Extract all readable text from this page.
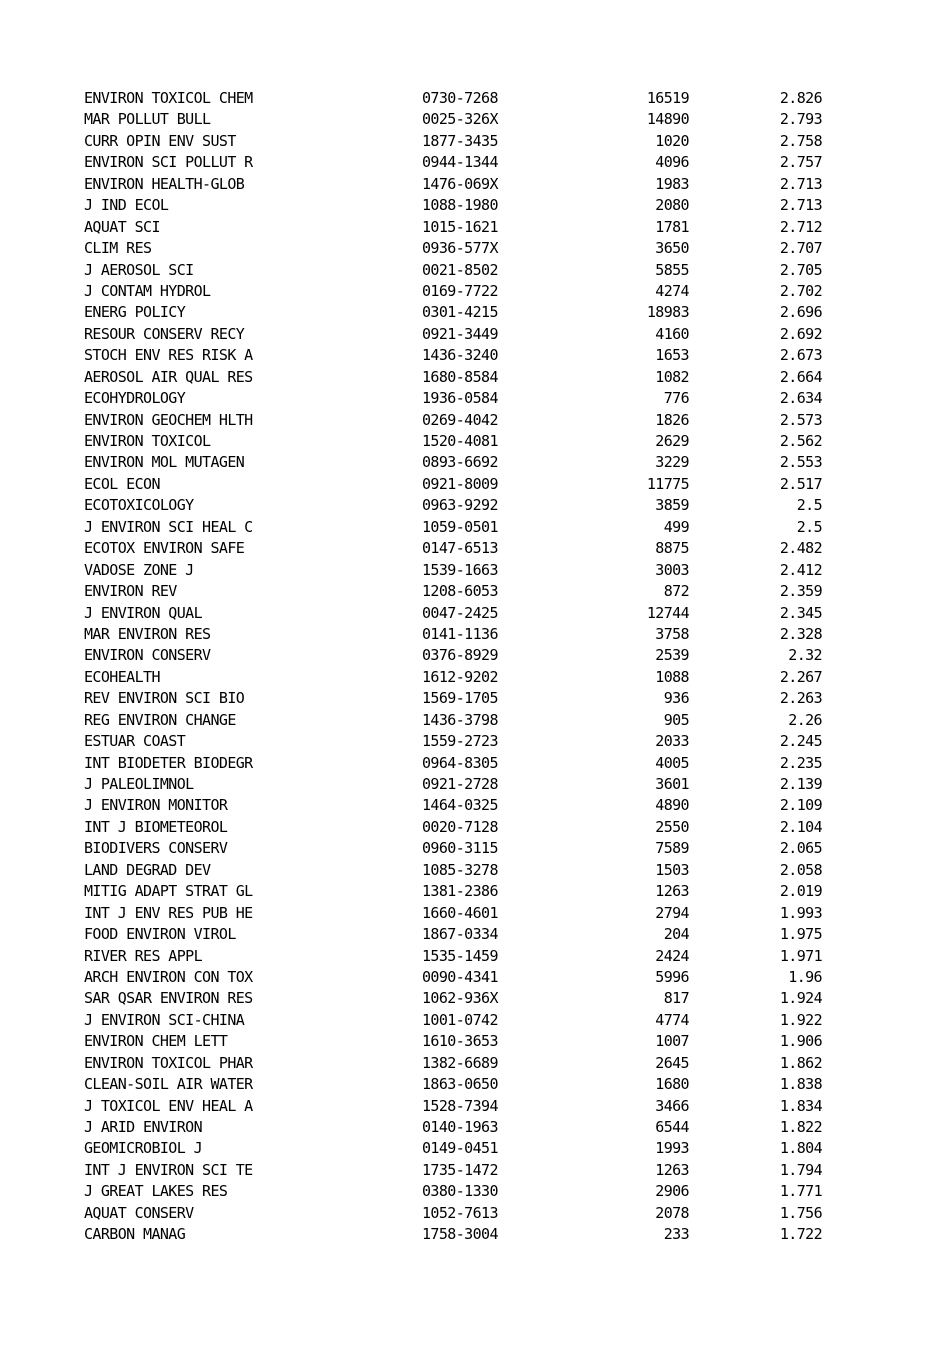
ENVIRON TOXICOL CHEM	0730-7268	16519	2.826
MAR POLLUT BULL	0025-326X	14890	2.793
CURR OPIN ENV SUST	1877-3435	1020	2.758
ENVIRON SCI POLLUT R	0944-1344	4096	2.757
ENVIRON HEALTH-GLOB	1476-069X	1983	2.713
J IND ECOL	1088-1980	2080	2.713
AQUAT SCI	1015-1621	1781	2.712
CLIM RES	0936-577X	3650	2.707
J AEROSOL SCI	0021-8502	5855	2.705
J CONTAM HYDROL	0169-7722	4274	2.702
ENERG POLICY	0301-4215	18983	2.696
RESOUR CONSERV RECY	0921-3449	4160	2.692
STOCH ENV RES RISK A	1436-3240	1653	2.673
AEROSOL AIR QUAL RES	1680-8584	1082	2.664
ECOHYDROLOGY	1936-0584	776	2.634
ENVIRON GEOCHEM HLTH	0269-4042	1826	2.573
ENVIRON TOXICOL	1520-4081	2629	2.562
ENVIRON MOL MUTAGEN	0893-6692	3229	2.553
ECOL ECON	0921-8009	11775	2.517
ECOTOXICOLOGY	0963-9292	3859	2.5
J ENVIRON SCI HEAL C	1059-0501	499	2.5
ECOTOX ENVIRON SAFE	0147-6513	8875	2.482
VADOSE ZONE J	1539-1663	3003	2.412
ENVIRON REV	1208-6053	872	2.359
J ENVIRON QUAL	0047-2425	12744	2.345
MAR ENVIRON RES	0141-1136	3758	2.328
ENVIRON CONSERV	0376-8929	2539	2.32
ECOHEALTH	1612-9202	1088	2.267
REV ENVIRON SCI BIO	1569-1705	936	2.263
REG ENVIRON CHANGE	1436-3798	905	2.26
ESTUAR COAST	1559-2723	2033	2.245
INT BIODETER BIODEGR	0964-8305	4005	2.235
J PALEOLIMNOL	0921-2728	3601	2.139
J ENVIRON MONITOR	1464-0325	4890	2.109
INT J BIOMETEOROL	0020-7128	2550	2.104
BIODIVERS CONSERV	0960-3115	7589	2.065
LAND DEGRAD DEV	1085-3278	1503	2.058
MITIG ADAPT STRAT GL	1381-2386	1263	2.019
INT J ENV RES PUB HE	1660-4601	2794	1.993
FOOD ENVIRON VIROL	1867-0334	204	1.975
RIVER RES APPL	1535-1459	2424	1.971
ARCH ENVIRON CON TOX	0090-4341	5996	1.96
SAR QSAR ENVIRON RES	1062-936X	817	1.924
J ENVIRON SCI-CHINA	1001-0742	4774	1.922
ENVIRON CHEM LETT	1610-3653	1007	1.906
ENVIRON TOXICOL PHAR	1382-6689	2645	1.862
CLEAN-SOIL AIR WATER	1863-0650	1680	1.838
J TOXICOL ENV HEAL A	1528-7394	3466	1.834
J ARID ENVIRON	0140-1963	6544	1.822
GEOMICROBIOL J	0149-0451	1993	1.804
INT J ENVIRON SCI TE	1735-1472	1263	1.794
J GREAT LAKES RES	0380-1330	2906	1.771
AQUAT CONSERV	1052-7613	2078	1.756
CARBON MANAG	1758-3004	233	1.722
